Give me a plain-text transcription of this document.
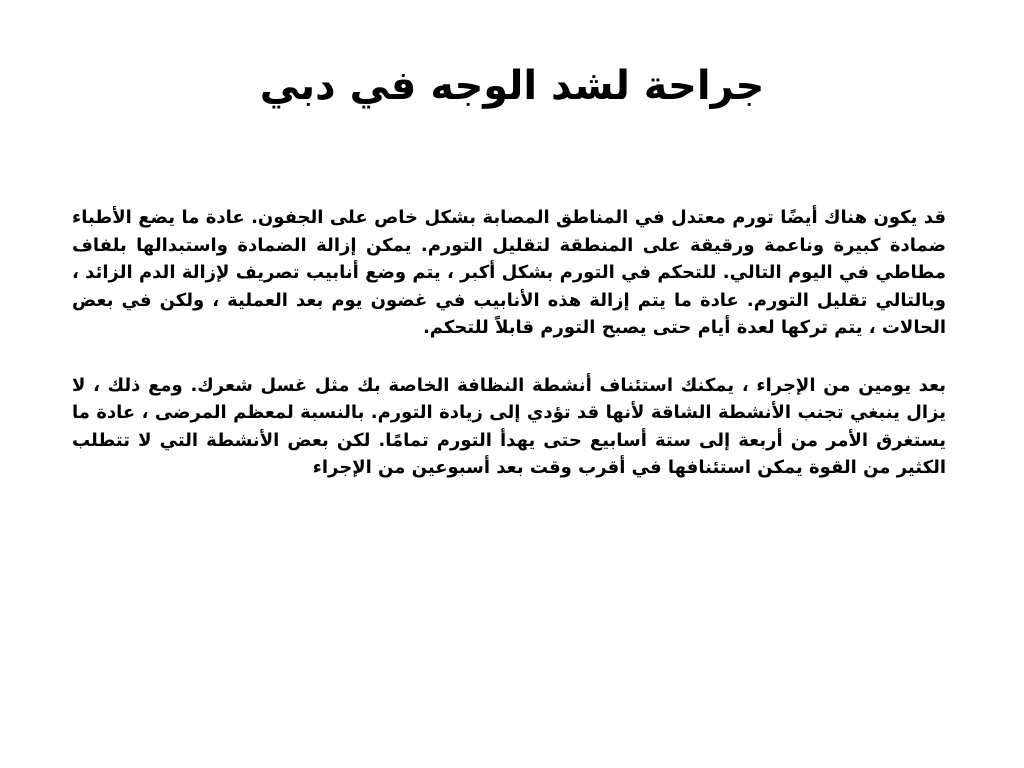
جراحة لشد الوجه في دبي

قد يكون هناك أيضًا تورم معتدل في المناطق المصابة بشكل خاص على الجفون. عادة ما يضع الأطباء ضمادة كبيرة وناعمة ورقيقة على المنطقة لتقليل التورم. يمكن إزالة الضمادة واستبدالها بلفاف مطاطي في اليوم التالي. للتحكم في التورم بشكل أكبر ، يتم وضع أنابيب تصريف لإزالة الدم الزائد ، وبالتالي تقليل التورم. عادة ما يتم إزالة هذه الأنابيب في غضون يوم بعد العملية ، ولكن في بعض الحالات ، يتم تركها لعدة أيام حتى يصبح التورم قابلاً للتحكم.

بعد يومين من الإجراء ، يمكنك استئناف أنشطة النظافة الخاصة بك مثل غسل شعرك. ومع ذلك ، لا يزال ينبغي تجنب الأنشطة الشاقة لأنها قد تؤدي إلى زيادة التورم. بالنسبة لمعظم المرضى ، عادة ما يستغرق الأمر من أربعة إلى ستة أسابيع حتى يهدأ التورم تمامًا. لكن بعض الأنشطة التي لا تتطلب الكثير من القوة يمكن استئنافها في أقرب وقت بعد أسبوعين من الإجراء
